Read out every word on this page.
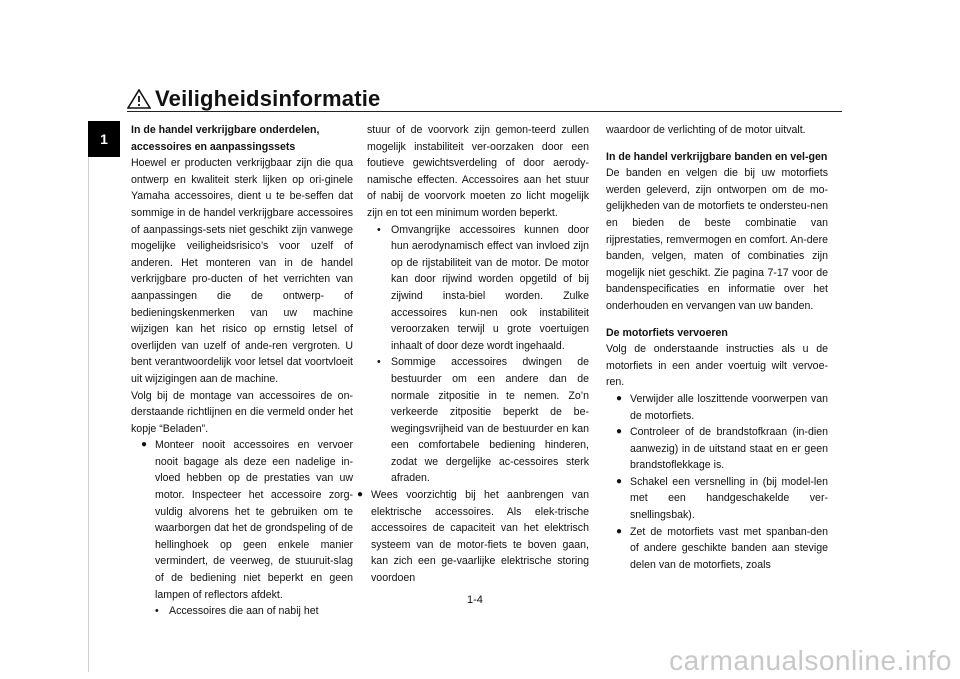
Veiligheidsinformatie
1

In de handel verkrijgbare onderdelen, accessoires en aanpassingssets

Hoewel er producten verkrijgbaar zijn die qua ontwerp en kwaliteit sterk lijken op ori-ginele Yamaha accessoires, dient u te be-seffen dat sommige in de handel verkrijgbare accessoires of aanpassings-sets niet geschikt zijn vanwege mogelijke veiligheidsrisico’s voor uzelf of anderen. Het monteren van in de handel verkrijgbare pro-ducten of het verrichten van aanpassingen die de ontwerp- of bedieningskenmerken van uw machine wijzigen kan het risico op ernstig letsel of overlijden van uzelf of ande-ren vergroten. U bent verantwoordelijk voor letsel dat voortvloeit uit wijzigingen aan de machine.

Volg bij de montage van accessoires de on-derstaande richtlijnen en die vermeld onder het kopje “Beladen”.

● Monteer nooit accessoires en vervoer nooit bagage als deze een nadelige in-vloed hebben op de prestaties van uw motor. Inspecteer het accessoire zorg-vuldig alvorens het te gebruiken om te waarborgen dat het de grondspeling of de hellinghoek op geen enkele manier vermindert, de veerweg, de stuuruit-slag of de bediening niet beperkt en geen lampen of reflectors afdekt.
• Accessoires die aan of nabij het

stuur of de voorvork zijn gemon-teerd zullen mogelijk instabiliteit ver-oorzaken door een foutieve gewichtsverdeling of door aerody-namische effecten. Accessoires aan het stuur of nabij de voorvork moeten zo licht mogelijk zijn en tot een minimum worden beperkt.

• Omvangrijke accessoires kunnen door hun aerodynamisch effect van invloed zijn op de rijstabiliteit van de motor. De motor kan door rijwind worden opgetild of bij zijwind insta-biel worden. Zulke accessoires kun-nen ook instabiliteit veroorzaken terwijl u grote voertuigen inhaalt of door deze wordt ingehaald.
• Sommige accessoires dwingen de bestuurder om een andere dan de normale zitpositie in te nemen. Zo’n verkeerde zitpositie beperkt de be-wegingsvrijheid van de bestuurder en kan een comfortabele bediening hinderen, zodat we dergelijke ac-cessoires sterk afraden.
● Wees voorzichtig bij het aanbrengen van elektrische accessoires. Als elek-trische accessoires de capaciteit van het elektrisch systeem van de motor-fiets te boven gaan, kan zich een ge-vaarlijke elektrische storing voordoen

waardoor de verlichting of de motor uitvalt.

In de handel verkrijgbare banden en vel-gen

De banden en velgen die bij uw motorfiets werden geleverd, zijn ontworpen om de mo-gelijkheden van de motorfiets te ondersteu-nen en bieden de beste combinatie van rijprestaties, remvermogen en comfort. An-dere banden, velgen, maten of combinaties zijn mogelijk niet geschikt. Zie pagina 7-17 voor de bandenspecificaties en informatie over het onderhouden en vervangen van uw banden.

De motorfiets vervoeren

Volg de onderstaande instructies als u de motorfiets in een ander voertuig wilt vervoe-ren.

● Verwijder alle loszittende voorwerpen van de motorfiets.
● Controleer of de brandstofkraan (in-dien aanwezig) in de uitstand staat en er geen brandstoflekkage is.
● Schakel een versnelling in (bij model-len met een handgeschakelde ver-snellingsbak).
● Zet de motorfiets vast met spanban-den of andere geschikte banden aan stevige delen van de motorfiets, zoals
1-4
carmanualsonline.info
